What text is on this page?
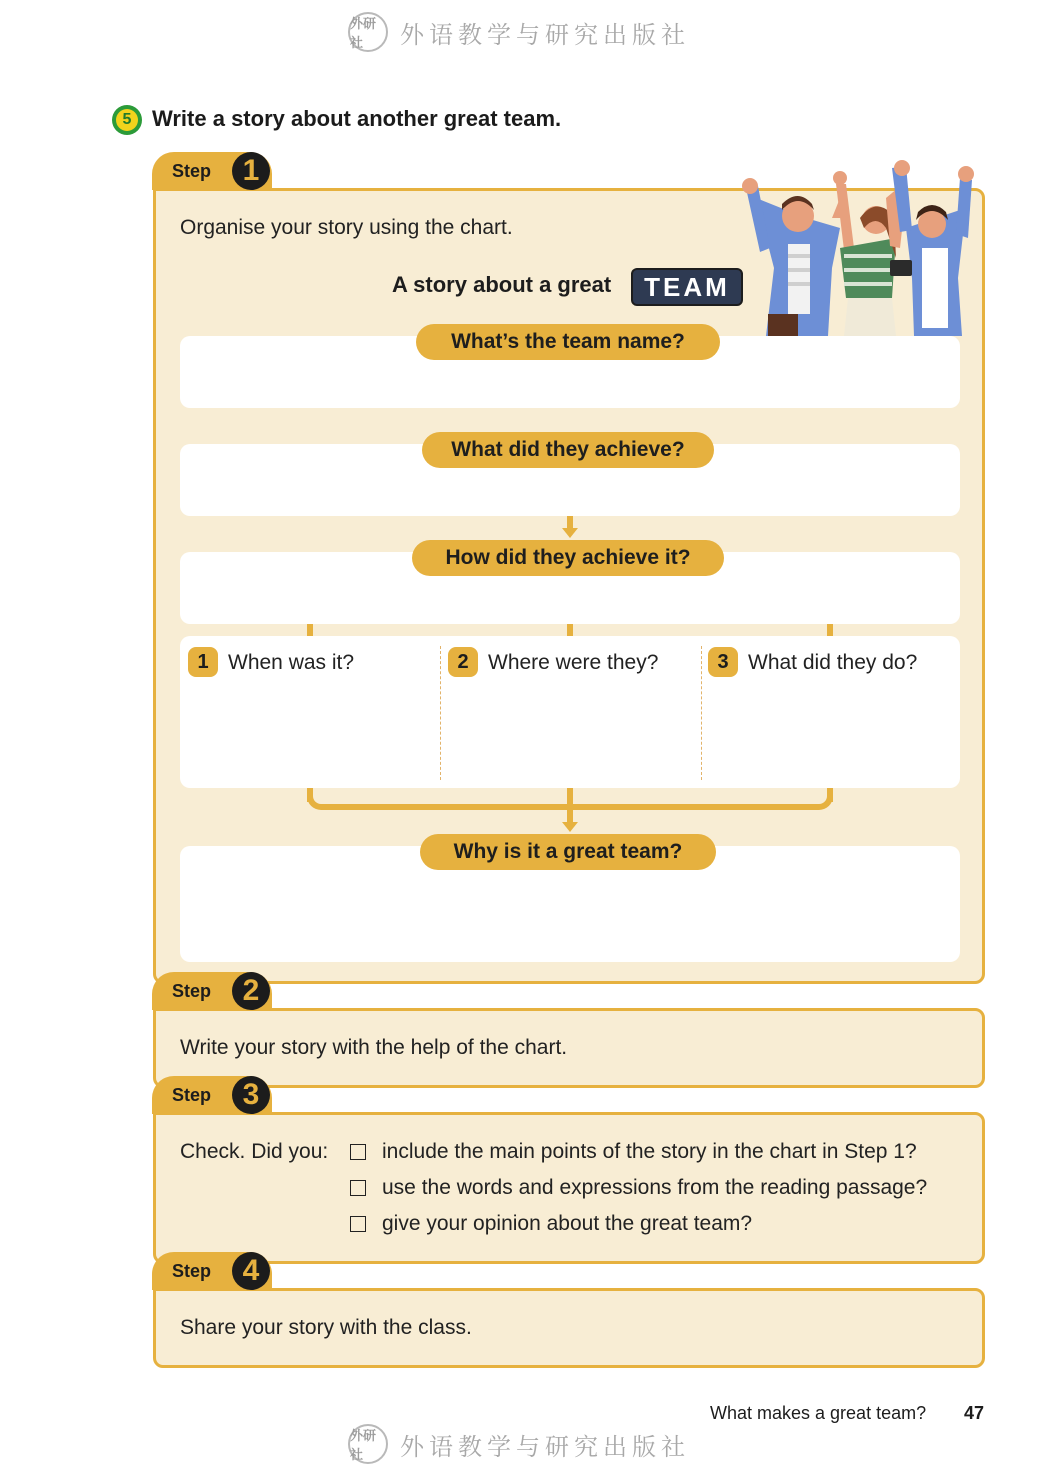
外研社	外语教学与研究出版社
5 Write a story about another great team.
Step	1
Organise your story using the chart.
A story about a great	TEAM
What’s the team name?
What did they achieve?
How did they achieve it?
1 When was it?	2 Where were they?	3 What did they do?
Why is it a great team?
Step	2
Write your story with the help of the chart.
Step	3
Check. Did you:	include the main points of the story in the chart in Step 1?
use the words and expressions from the reading passage?
give your opinion about the great team?
Step	4
Share your story with the class.
What makes a great team? 47
外研社	外语教学与研究出版社
